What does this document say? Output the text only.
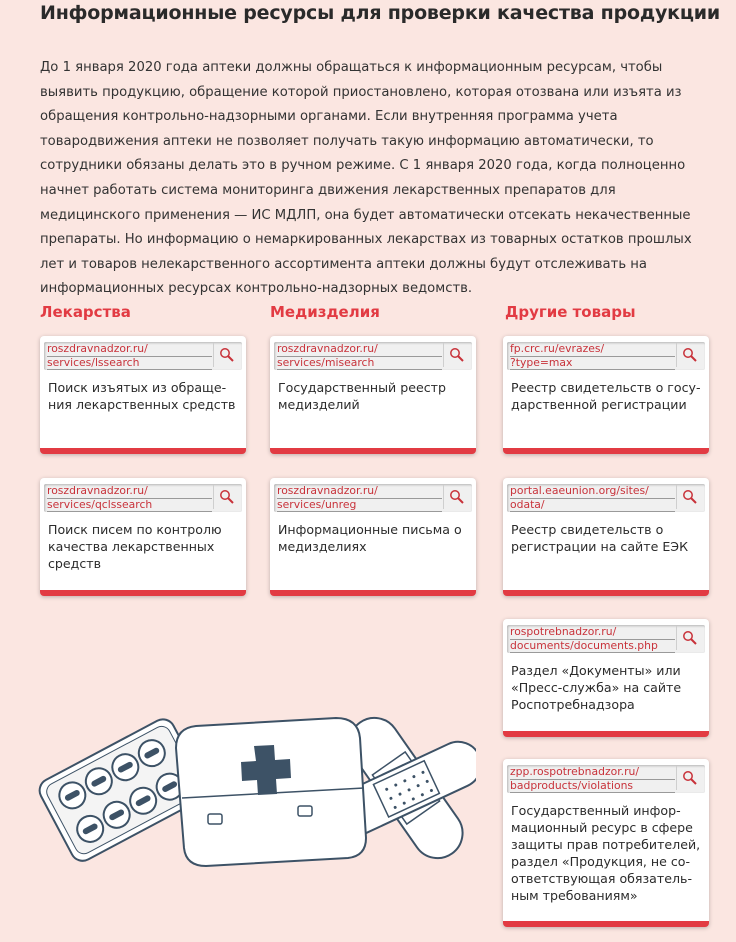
Информационные ресурсы для проверки качества продукции

До 1 января 2020 года аптеки должны обращаться к информационным ресурсам, чтобы выявить продукцию, обращение которой приостановлено, которая отозвана или изъята из обращения контрольно-надзорными органами. Если внутренняя программа учета товародвижения аптеки не позволяет получать такую информацию автоматически, то сотрудники обязаны делать это в ручном режиме. С 1 января 2020 года, когда полноценно начнет работать система мониторинга движения лекарственных препаратов для медицинского применения — ИС МДЛП, она будет автоматически отсекать некачественные препараты. Но информацию о немаркированных лекарствах из товарных остатков прошлых лет и товаров нелекарственного ассортимента аптеки должны будут отслеживать на информационных ресурсах контрольно-надзорных ведомств.

Лекарства	Медизделия	Другие товары
roszdravnadzor.ru/
services/lssearch
Поиск изъятых из обращения лекарственных средств
roszdravnadzor.ru/
services/qclssearch
Поиск писем по контролю качества лекарственных средств
roszdravnadzor.ru/
services/misearch
Государственный реестр медизделий
roszdravnadzor.ru/
services/unreg
Информационные письма о медизделиях
fp.crc.ru/evrazes/
?type=max
Реестр свидетельств о государственной регистрации
portal.eaeunion.org/sites/
odata/
Реестр свидетельств о регистрации на сайте ЕЭК
rospotrebnadzor.ru/
documents/documents.php
Раздел «Документы» или «Пресс-служба» на сайте Роспотребнадзора
zpp.rospotrebnadzor.ru/
badproducts/violations
Государственный информационный ресурс в сфере защиты прав потребителей, раздел «Продукция, не соответствующая обязательным требованиям»
